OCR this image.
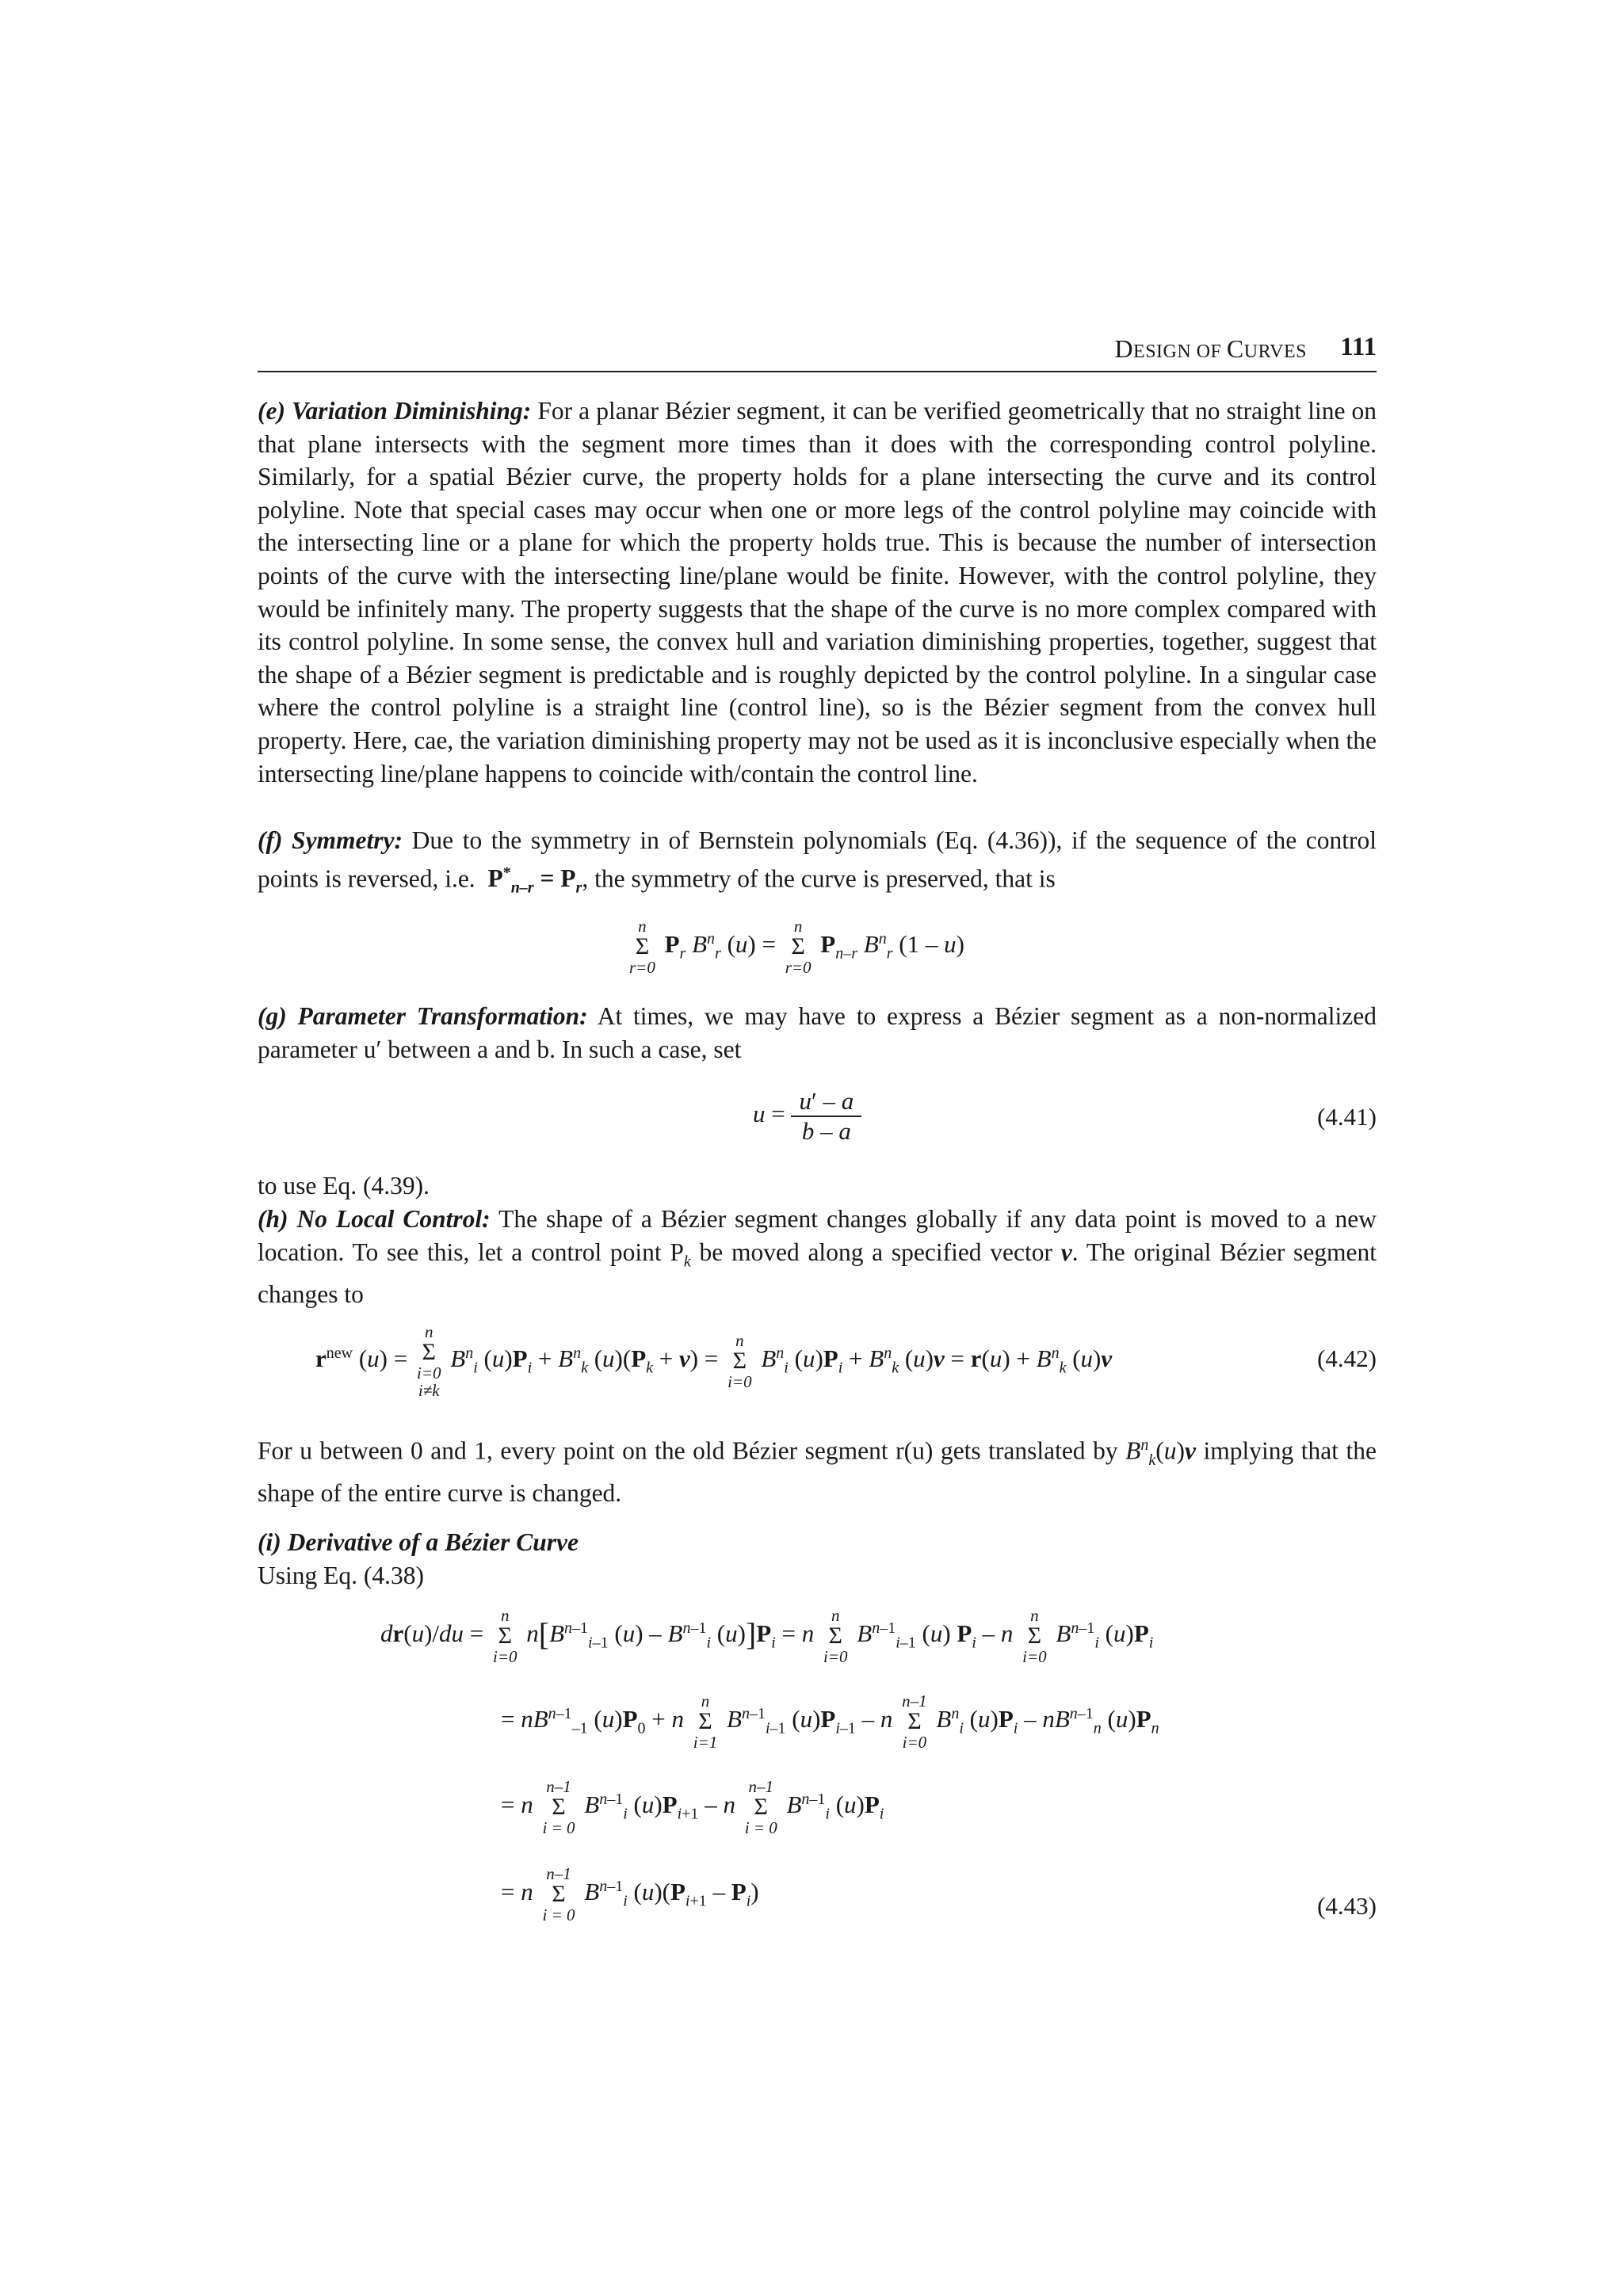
DESIGN OF CURVES 111

(e) Variation Diminishing: For a planar Bézier segment, it can be verified geometrically that no straight line on that plane intersects with the segment more times than it does with the corresponding control polyline. Similarly, for a spatial Bézier curve, the property holds for a plane intersecting the curve and its control polyline. Note that special cases may occur when one or more legs of the control polyline may coincide with the intersecting line or a plane for which the property holds true. This is because the number of intersection points of the curve with the intersecting line/plane would be finite. However, with the control polyline, they would be infinitely many. The property suggests that the shape of the curve is no more complex compared with its control polyline. In some sense, the convex hull and variation diminishing properties, together, suggest that the shape of a Bézier segment is predictable and is roughly depicted by the control polyline. In a singular case where the control polyline is a straight line (control line), so is the Bézier segment from the convex hull property. Here, cae, the variation diminishing property may not be used as it is inconclusive especially when the intersecting line/plane happens to coincide with/contain the control line.

(f) Symmetry: Due to the symmetry in of Bernstein polynomials (Eq. (4.36)), if the sequence of the control points is reversed, i.e.  $P^*_{n-r} = P_r$, the symmetry of the curve is preserved, that is

n
Σ
r=0
$P_r$ $B^n_r$ (u) =
n
Σ
r=0
$P_{n-r}$ $B^n_r$ (1 – u)

(g) Parameter Transformation: At times, we may have to express a Bézier segment as a non-normalized parameter u′ between a and b. In such a case, set

$u = \frac{u' - a}{b - a}$	(4.41)

to use Eq. (4.39).

(h) No Local Control: The shape of a Bézier segment changes globally if any data point is moved to a new location. To see this, let a control point $P_k$ be moved along a specified vector v. The original Bézier segment changes to

$r^{new}$ (u) =
n
Σ
i=0
i≠k
$B^n_i$ $(u)P_i + B^n_k$ $(u)(P_k + v)$ =
n
Σ
i=0
$B^n_i$ $(u)P_i + B^n_k$ $(u)v = r(u) + B^n_k$ (u)v	(4.42)

For u between 0 and 1, every point on the old Bézier segment r(u) gets translated by $B^n_k(u)v$ implying that the shape of the entire curve is changed.

(i) Derivative of a Bézier Curve

Using Eq. (4.38)

dr(u)/du =
n
Σ
i=0
$n[B^{n-1}_{i-1}$ $(u) - B^{n-1}_i$ $(u)]P_i = n$
n
Σ
i=0
$B^{n-1}_{i-1}$ (u) $P_i$ – n
n
Σ
i=0
$B^{n-1}_i$ $(u)P_i$
= $nB^{n-1}_{-1}$ $(u)P_0 + n$
n
Σ
i=1
$B^{n-1}_{i-1}$ $(u)P_{i-1}$ – n
n–1
Σ
i=0
$B^n_i$ $(u)P_i - nB^{n-1}_n$ $(u)P_n$
= n
n–1
Σ
i = 0
$B^{n-1}_i$ $(u)P_{i+1}$ – n
n–1
Σ
i = 0
$B^{n-1}_i$ $(u)P_i$
= n
n–1
Σ
i = 0
$B^{n-1}_i$ $(u)(P_{i+1} - P_i)$
(4.43)
